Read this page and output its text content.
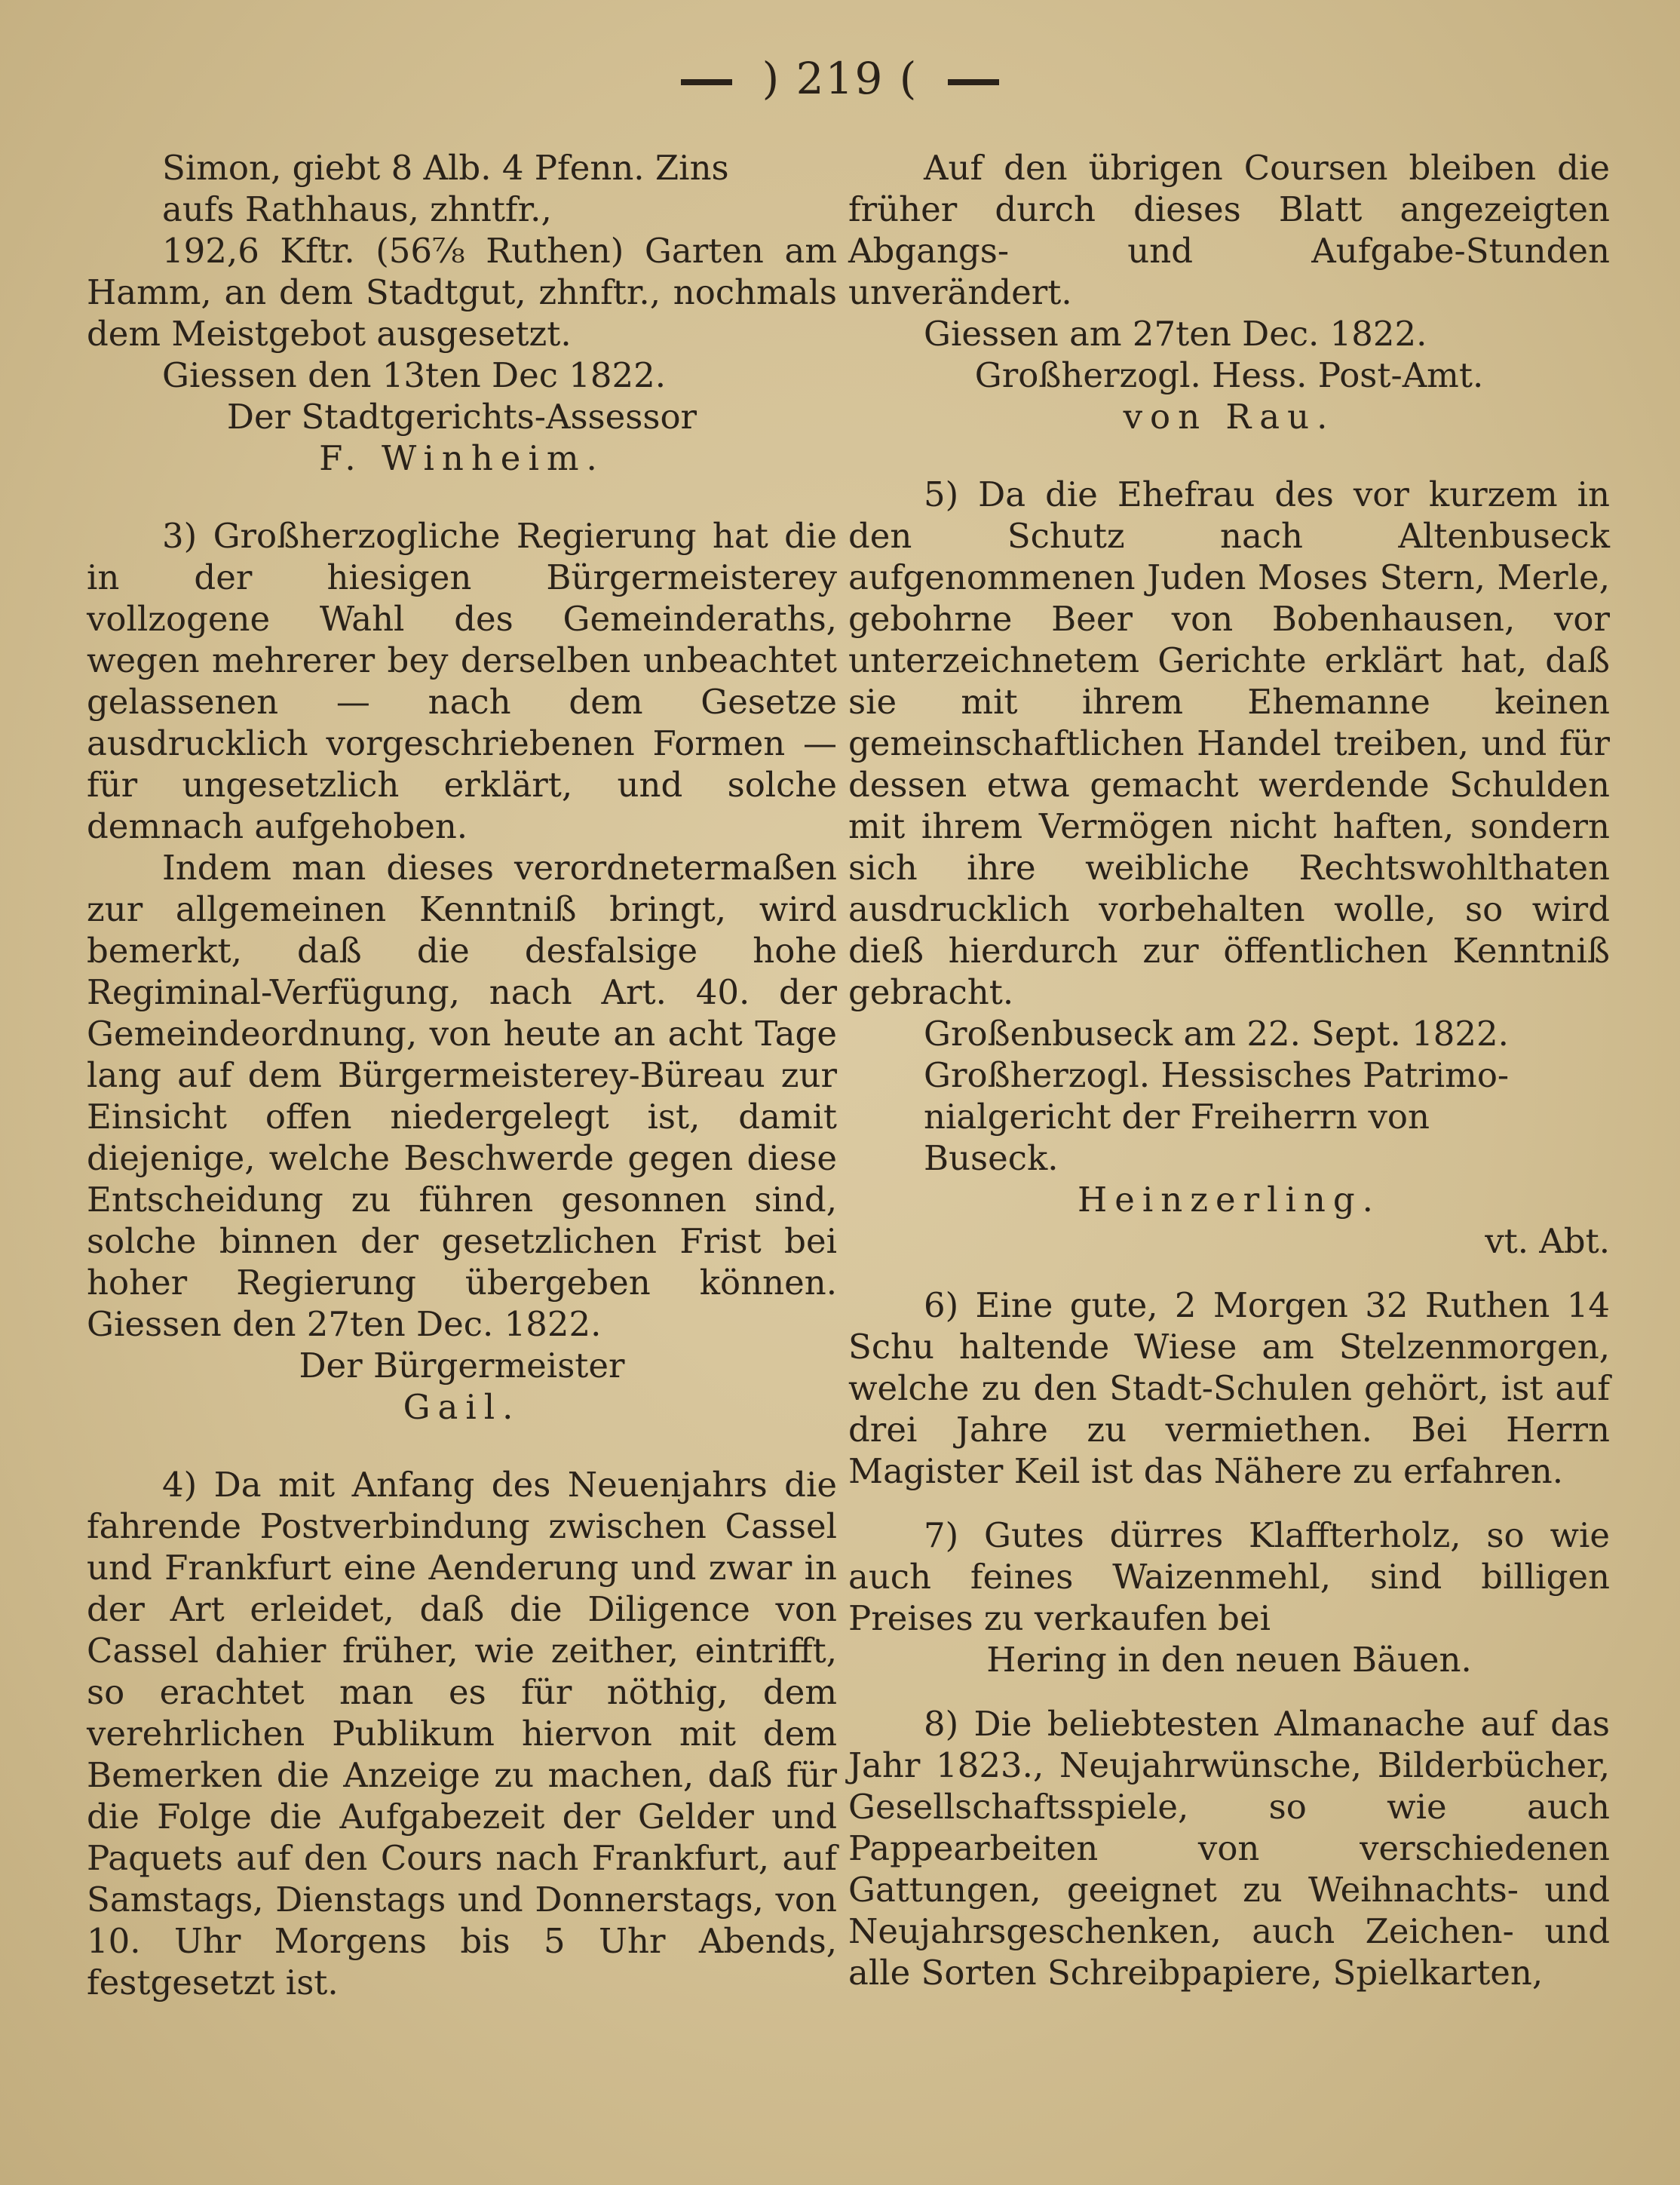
) 219 (

Simon, giebt 8 Alb. 4 Pfenn. Zins

aufs Rathhaus, zhntfr.,

192,6 Kftr. (56⅞ Ruthen) Garten am Hamm, an dem Stadtgut, zhnftr., nochmals dem Meistgebot ausgesetzt.

Giessen den 13ten Dec 1822.

Der Stadtgerichts-Assessor

F. Winheim.

3) Großherzogliche Regierung hat die in der hiesigen Bürgermeisterey vollzogene Wahl des Gemeinderaths, wegen mehrerer bey derselben unbeachtet gelassenen — nach dem Gesetze ausdrucklich vorgeschriebenen Formen — für ungesetzlich erklärt, und solche demnach aufgehoben.

Indem man dieses verordnetermaßen zur allgemeinen Kenntniß bringt, wird bemerkt, daß die desfalsige hohe Regiminal-Verfügung, nach Art. 40. der Gemeindeordnung, von heute an acht Tage lang auf dem Bürgermeisterey-Büreau zur Einsicht offen niedergelegt ist, damit diejenige, welche Beschwerde gegen diese Entscheidung zu führen gesonnen sind, solche binnen der gesetzlichen Frist bei hoher Regierung übergeben können. Giessen den 27ten Dec. 1822.

Der Bürgermeister

Gail.

4) Da mit Anfang des Neuenjahrs die fahrende Postverbindung zwischen Cassel und Frankfurt eine Aenderung und zwar in der Art erleidet, daß die Diligence von Cassel dahier früher, wie zeither, eintrifft, so erachtet man es für nöthig, dem verehrlichen Publikum hiervon mit dem Bemerken die Anzeige zu machen, daß für die Folge die Aufgabezeit der Gelder und Paquets auf den Cours nach Frankfurt, auf Samstags, Dienstags und Donnerstags, von 10. Uhr Morgens bis 5 Uhr Abends, festgesetzt ist.

Auf den übrigen Coursen bleiben die früher durch dieses Blatt angezeigten Abgangs- und Aufgabe-Stunden unverändert.

Giessen am 27ten Dec. 1822.

Großherzogl. Hess. Post-Amt.

von Rau.

5) Da die Ehefrau des vor kurzem in den Schutz nach Altenbuseck aufgenommenen Juden Moses Stern, Merle, gebohrne Beer von Bobenhausen, vor unterzeichnetem Gerichte erklärt hat, daß sie mit ihrem Ehemanne keinen gemeinschaftlichen Handel treiben, und für dessen etwa gemacht werdende Schulden mit ihrem Vermögen nicht haften, sondern sich ihre weibliche Rechtswohlthaten ausdrucklich vorbehalten wolle, so wird dieß hierdurch zur öffentlichen Kenntniß gebracht.

Großenbuseck am 22. Sept. 1822.

Großherzogl. Hessisches Patrimo-

nialgericht der Freiherrn von

Buseck.

Heinzerling.

vt. Abt.

6) Eine gute, 2 Morgen 32 Ruthen 14 Schu haltende Wiese am Stelzenmorgen, welche zu den Stadt-Schulen gehört, ist auf drei Jahre zu vermiethen. Bei Herrn Magister Keil ist das Nähere zu erfahren.

7) Gutes dürres Klaffterholz, so wie auch feines Waizenmehl, sind billigen Preises zu verkaufen bei

Hering in den neuen Bäuen.

8) Die beliebtesten Almanache auf das Jahr 1823., Neujahrwünsche, Bilderbücher, Gesellschaftsspiele, so wie auch Pappearbeiten von verschiedenen Gattungen, geeignet zu Weihnachts- und Neujahrsgeschenken, auch Zeichen- und alle Sorten Schreibpapiere, Spielkarten,
